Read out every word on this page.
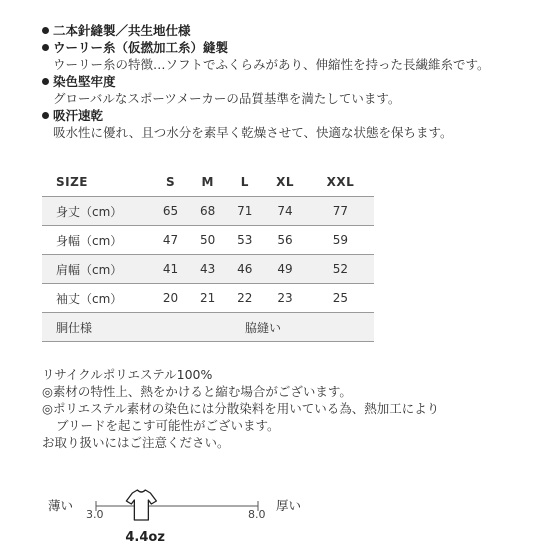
二本針縫製／共生地仕様
ウーリー糸（仮撚加工糸）縫製
ウーリー糸の特徴…ソフトでふくらみがあり、伸縮性を持った長繊維糸です。
染色堅牢度
グローバルなスポーツメーカーの品質基準を満たしています。
吸汗速乾
吸水性に優れ、且つ水分を素早く乾燥させて、快適な状態を保ちます。
SIZE	S	M	L	XL	XXL
身丈（cm）	65	68	71	74	77
身幅（cm）	47	50	53	56	59
肩幅（cm）	41	43	46	49	52
袖丈（cm）	20	21	22	23	25
胴仕様	脇縫い				
リサイクルポリエステル100%
◎素材の特性上、熱をかけると縮む場合がございます。
◎ポリエステル素材の染色には分散染料を用いている為、熱加工により
ブリードを起こす可能性がございます。
お取り扱いにはご注意ください。
薄い	厚い
3.0	8.0
4.4oz
